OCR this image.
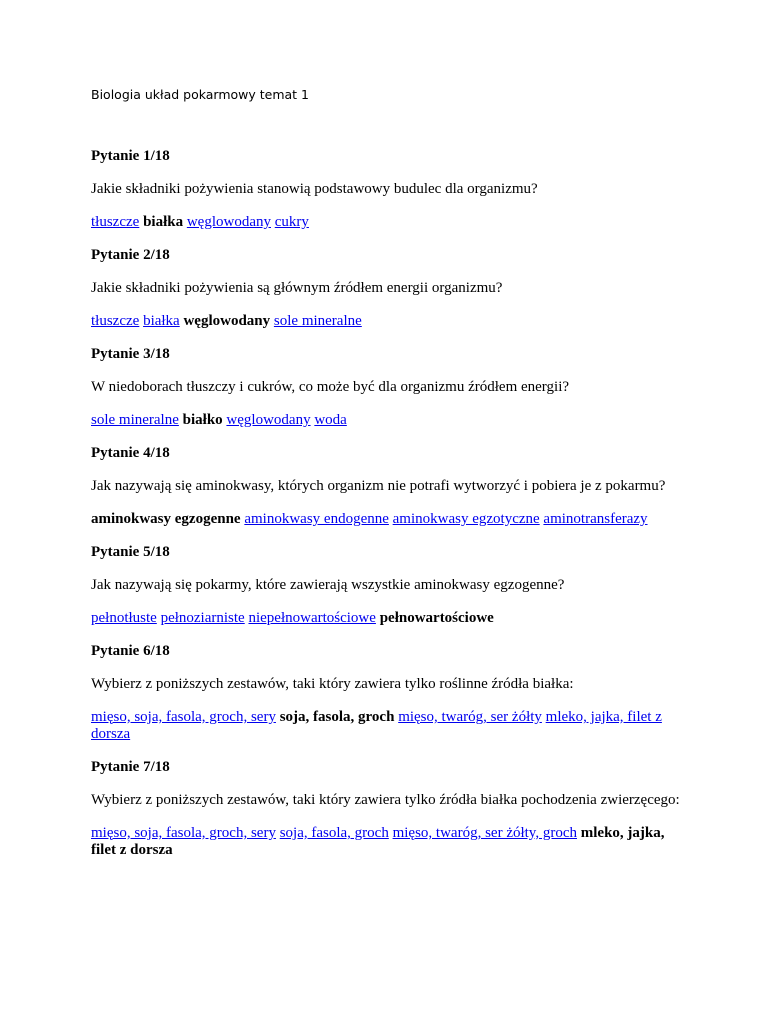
Biologia układ pokarmowy temat 1

Pytanie 1/18

Jakie składniki pożywienia stanowią podstawowy budulec dla organizmu?

tłuszcze białka węglowodany cukry

Pytanie 2/18

Jakie składniki pożywienia są głównym źródłem energii organizmu?

tłuszcze białka węglowodany sole mineralne

Pytanie 3/18

W niedoborach tłuszczy i cukrów, co może być dla organizmu źródłem energii?

sole mineralne białko węglowodany woda

Pytanie 4/18

Jak nazywają się aminokwasy, których organizm nie potrafi wytworzyć i pobiera je z pokarmu?

aminokwasy egzogenne aminokwasy endogenne aminokwasy egzotyczne aminotransferazy

Pytanie 5/18

Jak nazywają się pokarmy, które zawierają wszystkie aminokwasy egzogenne?

pełnotłuste pełnoziarniste niepełnowartościowe pełnowartościowe

Pytanie 6/18

Wybierz z poniższych zestawów, taki który zawiera tylko roślinne źródła białka:

mięso, soja, fasola, groch, sery soja, fasola, groch mięso, twaróg, ser żółty mleko, jajka, filet z dorsza

Pytanie 7/18

Wybierz z poniższych zestawów, taki który zawiera tylko źródła białka pochodzenia zwierzęcego:

mięso, soja, fasola, groch, sery soja, fasola, groch mięso, twaróg, ser żółty, groch mleko, jajka, filet z dorsza
